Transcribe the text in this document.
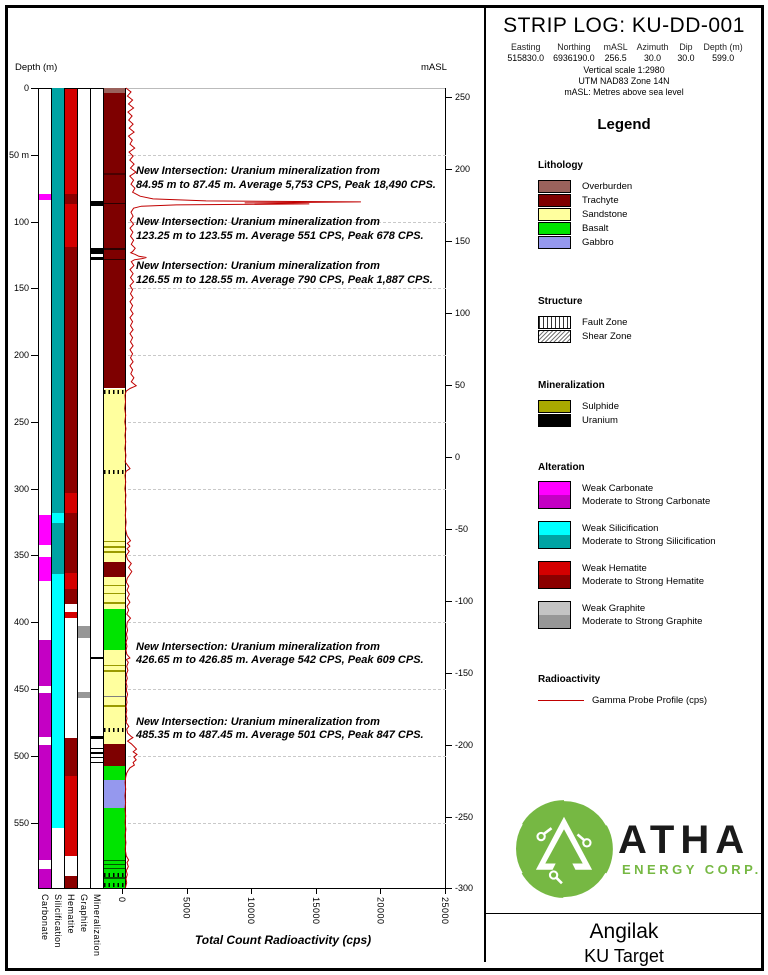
Depth (m)	mASL
Total Count Radioactivity (cps)
0
50 m
100
150
200
250
300
350
400
450
500
550
250
200
150
100
50
0
-50
-100
-150
-200
-250
-300
Carbonate Silicification Hematite Graphite Mineralization 0	5000	10000	15000	20000	25000
New Intersection: Uranium mineralization from
84.95 m to 87.45 m. Average 5,753 CPS, Peak 18,490 CPS.
New Intersection: Uranium mineralization from
123.25 m to 123.55 m. Average 551 CPS, Peak 678 CPS.
New Intersection: Uranium mineralization from
126.55 m to 128.55 m. Average 790 CPS, Peak 1,887 CPS.
New Intersection: Uranium mineralization from
426.65 m to 426.85 m. Average 542 CPS, Peak 609 CPS.
New Intersection: Uranium mineralization from
485.35 m to 487.45 m. Average 501 CPS, Peak 847 CPS.
STRIP LOG: KU-DD-001
Easting
515830.0
Northing
6936190.0
mASL
256.5
Azimuth
30.0
Dip
30.0
Depth (m)
599.0
Vertical scale 1:2980
UTM NAD83 Zone 14N
mASL: Metres above sea level
Legend
Lithology
Overburden
Trachyte
Sandstone
Basalt
Gabbro
Structure
Fault Zone
Shear Zone
Mineralization
Sulphide
Uranium
Alteration
Weak Carbonate
Moderate to Strong Carbonate
Weak Silicification
Moderate to Strong Silicification
Weak Hematite
Moderate to Strong Hematite
Weak Graphite
Moderate to Strong Graphite
Radioactivity
Gamma Probe Profile (cps)
ATHA
ENERGY CORP.
Angilak
KU Target
